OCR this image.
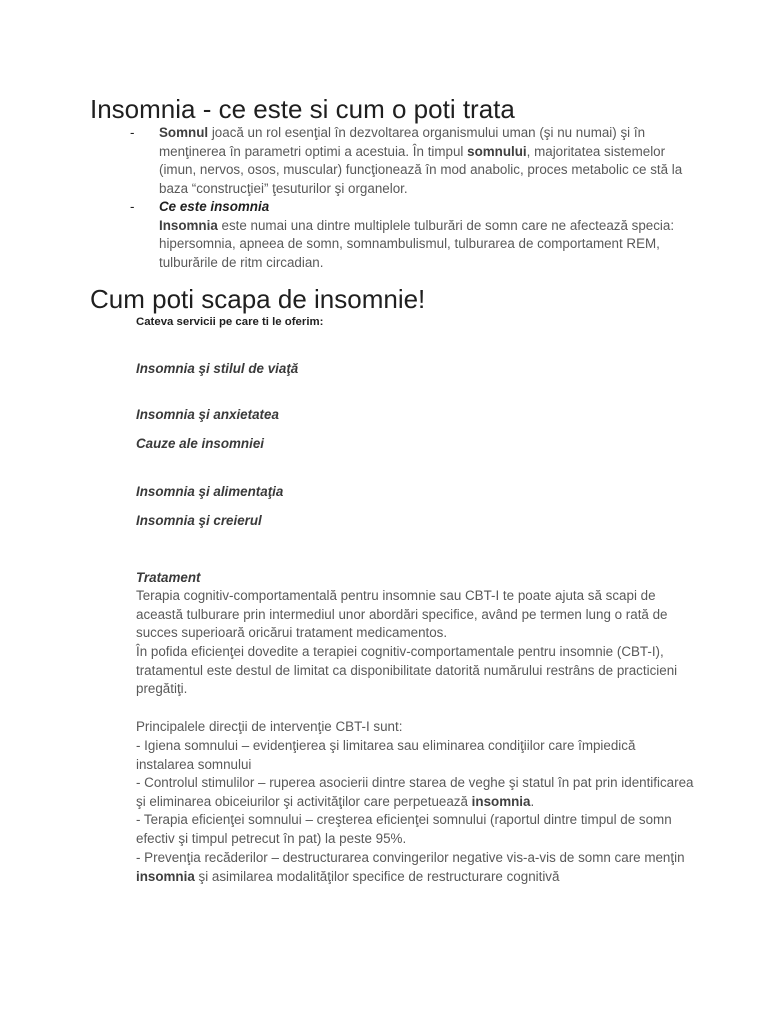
Insomnia - ce este si cum o poti trata
-
Somnul joacă un rol esenţial în dezvoltarea organismului uman (şi nu numai) şi în menţinerea în parametri optimi a acestuia. În timpul somnului, majoritatea sistemelor (imun, nervos, osos, muscular) funcţionează în mod anabolic, proces metabolic ce stă la baza “construcţiei” ţesuturilor şi organelor.
-
Ce este insomnia
Insomnia este numai una dintre multiplele tulburări de somn care ne afectează specia: hipersomnia, apneea de somn, somnambulismul, tulburarea de comportament REM, tulburările de ritm circadian.
Cum poti scapa de insomnie!

Cateva servicii pe care ti le oferim:

Insomnia şi stilul de viaţă

Insomnia şi anxietatea

Cauze ale insomniei

Insomnia şi alimentaţia

Insomnia şi creierul

Tratament

Terapia cognitiv-comportamentală pentru insomnie sau CBT-I te poate ajuta să scapi de această tulburare prin intermediul unor abordări specifice, având pe termen lung o rată de succes superioară oricărui tratament medicamentos.

În pofida eficienţei dovedite a terapiei cognitiv-comportamentale pentru insomnie (CBT-I), tratamentul este destul de limitat ca disponibilitate datorită numărului restrâns de practicieni pregătiţi.

Principalele direcţii de intervenţie CBT-I sunt:

- Igiena somnului – evidenţierea şi limitarea sau eliminarea condiţiilor care împiedică instalarea somnului

- Controlul stimulilor – ruperea asocierii dintre starea de veghe şi statul în pat prin identificarea şi eliminarea obiceiurilor şi activităţilor care perpetuează insomnia.

- Terapia eficienţei somnului – creşterea eficienţei somnului (raportul dintre timpul de somn efectiv şi timpul petrecut în pat) la peste 95%.

- Prevenţia recăderilor – destructurarea convingerilor negative vis-a-vis de somn care menţin insomnia şi asimilarea modalităţilor specifice de restructurare cognitivă
